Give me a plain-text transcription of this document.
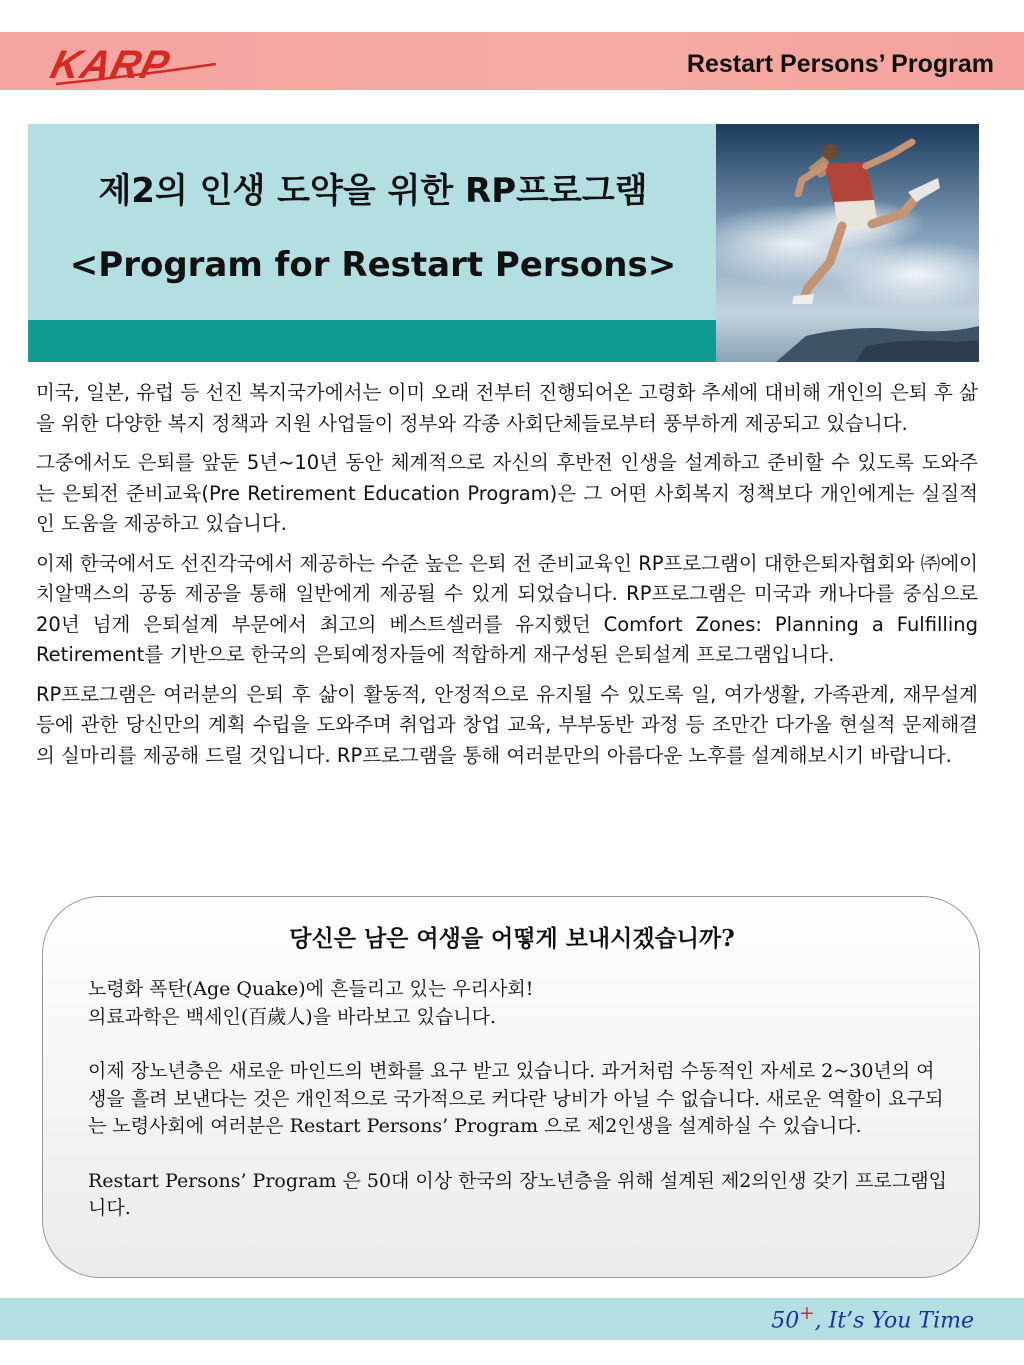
KARP	Restart Persons’ Program
제2의 인생 도약을 위한 RP프로그램
<Program for Restart Persons>

미국, 일본, 유럽 등 선진 복지국가에서는 이미 오래 전부터 진행되어온 고령화 추세에 대비해 개인의 은퇴 후 삶을 위한 다양한 복지 정책과 지원 사업들이 정부와 각종 사회단체들로부터 풍부하게 제공되고 있습니다.

그중에서도 은퇴를 앞둔 5년~10년 동안 체계적으로 자신의 후반전 인생을 설계하고 준비할 수 있도록 도와주는 은퇴전 준비교육(Pre Retirement Education Program)은 그 어떤 사회복지 정책보다 개인에게는 실질적인 도움을 제공하고 있습니다.

이제 한국에서도 선진각국에서 제공하는 수준 높은 은퇴 전 준비교육인 RP프로그램이 대한은퇴자협회와 ㈜에이치알맥스의 공동 제공을 통해 일반에게 제공될 수 있게 되었습니다. RP프로그램은 미국과 캐나다를 중심으로 20년 넘게 은퇴설계 부문에서 최고의 베스트셀러를 유지했던 Comfort Zones: Planning a Fulfilling Retirement를 기반으로 한국의 은퇴예정자들에 적합하게 재구성된 은퇴설계 프로그램입니다.

RP프로그램은 여러분의 은퇴 후 삶이 활동적, 안정적으로 유지될 수 있도록 일, 여가생활, 가족관계, 재무설계 등에 관한 당신만의 계획 수립을 도와주며 취업과 창업 교육, 부부동반 과정 등 조만간 다가올 현실적 문제해결의 실마리를 제공해 드릴 것입니다. RP프로그램을 통해 여러분만의 아름다운 노후를 설계해보시기 바랍니다.

당신은 남은 여생을 어떻게 보내시겠습니까?

노령화 폭탄(Age Quake)에 흔들리고 있는 우리사회!
의료과학은 백세인(百歲人)을 바라보고 있습니다.

이제 장노년층은 새로운 마인드의 변화를 요구 받고 있습니다. 과거처럼 수동적인 자세로 2~30년의 여생을 흘려 보낸다는 것은 개인적으로 국가적으로 커다란 낭비가 아닐 수 없습니다. 새로운 역할이 요구되는 노령사회에 여러분은 Restart Persons’ Program 으로 제2인생을 설계하실 수 있습니다.

Restart Persons’ Program 은 50대 이상 한국의 장노년층을 위해 설계된 제2의인생 갖기 프로그램입니다.

50+, It’s You Time
